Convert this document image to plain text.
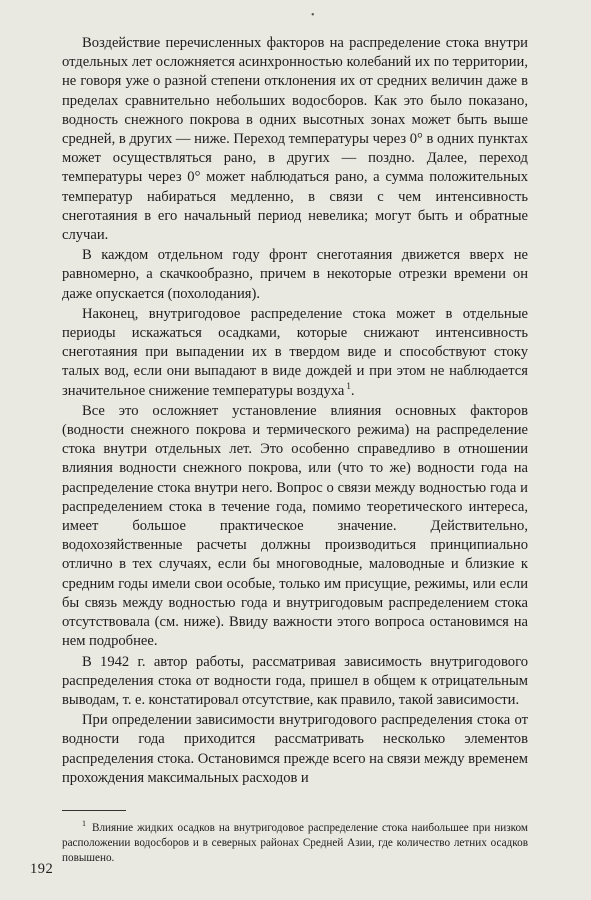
•

Воздействие перечисленных факторов на распределение стока внутри отдельных лет осложняется асинхронностью колебаний их по территории, не говоря уже о разной степени отклонения их от средних величин даже в пределах сравнительно небольших водосборов. Как это было показано, водность снежного покрова в одних высотных зонах может быть выше средней, в других — ниже. Переход температуры через 0° в одних пунктах может осуществляться рано, в других — поздно. Далее, переход температуры через 0° может наблюдаться рано, а сумма положительных температур набираться медленно, в связи с чем интенсивность снеготаяния в его начальный период невелика; могут быть и обратные случаи.

В каждом отдельном году фронт снеготаяния движется вверх не равномерно, а скачкообразно, причем в некоторые отрезки времени он даже опускается (похолодания).

Наконец, внутригодовое распределение стока может в отдельные периоды искажаться осадками, которые снижают интенсивность снеготаяния при выпадении их в твердом виде и способствуют стоку талых вод, если они выпадают в виде дождей и при этом не наблюдается значительное снижение температуры воздуха $^1$.

Все это осложняет установление влияния основных факторов (водности снежного покрова и термического режима) на распределение стока внутри отдельных лет. Это особенно справедливо в отношении влияния водности снежного покрова, или (что то же) водности года на распределение стока внутри него. Вопрос о связи между водностью года и распределением стока в течение года, помимо теоретического интереса, имеет большое практическое значение. Действительно, водохозяйственные расчеты должны производиться принципиально отлично в тех случаях, если бы многоводные, маловодные и близкие к средним годы имели свои особые, только им присущие, режимы, или если бы связь между водностью года и внутригодовым распределением стока отсутствовала (см. ниже). Ввиду важности этого вопроса остановимся на нем подробнее.

В 1942 г. автор работы, рассматривая зависимость внутригодового распределения стока от водности года, пришел в общем к отрицательным выводам, т. е. констатировал отсутствие, как правило, такой зависимости.

При определении зависимости внутригодового распределения стока от водности года приходится рассматривать несколько элементов распределения стока. Остановимся прежде всего на связи между временем прохождения максимальных расходов и

$^1$ Влияние жидких осадков на внутригодовое распределение стока наибольшее при низком расположении водосборов и в северных районах Средней Азии, где количество летних осадков повышено.

192
